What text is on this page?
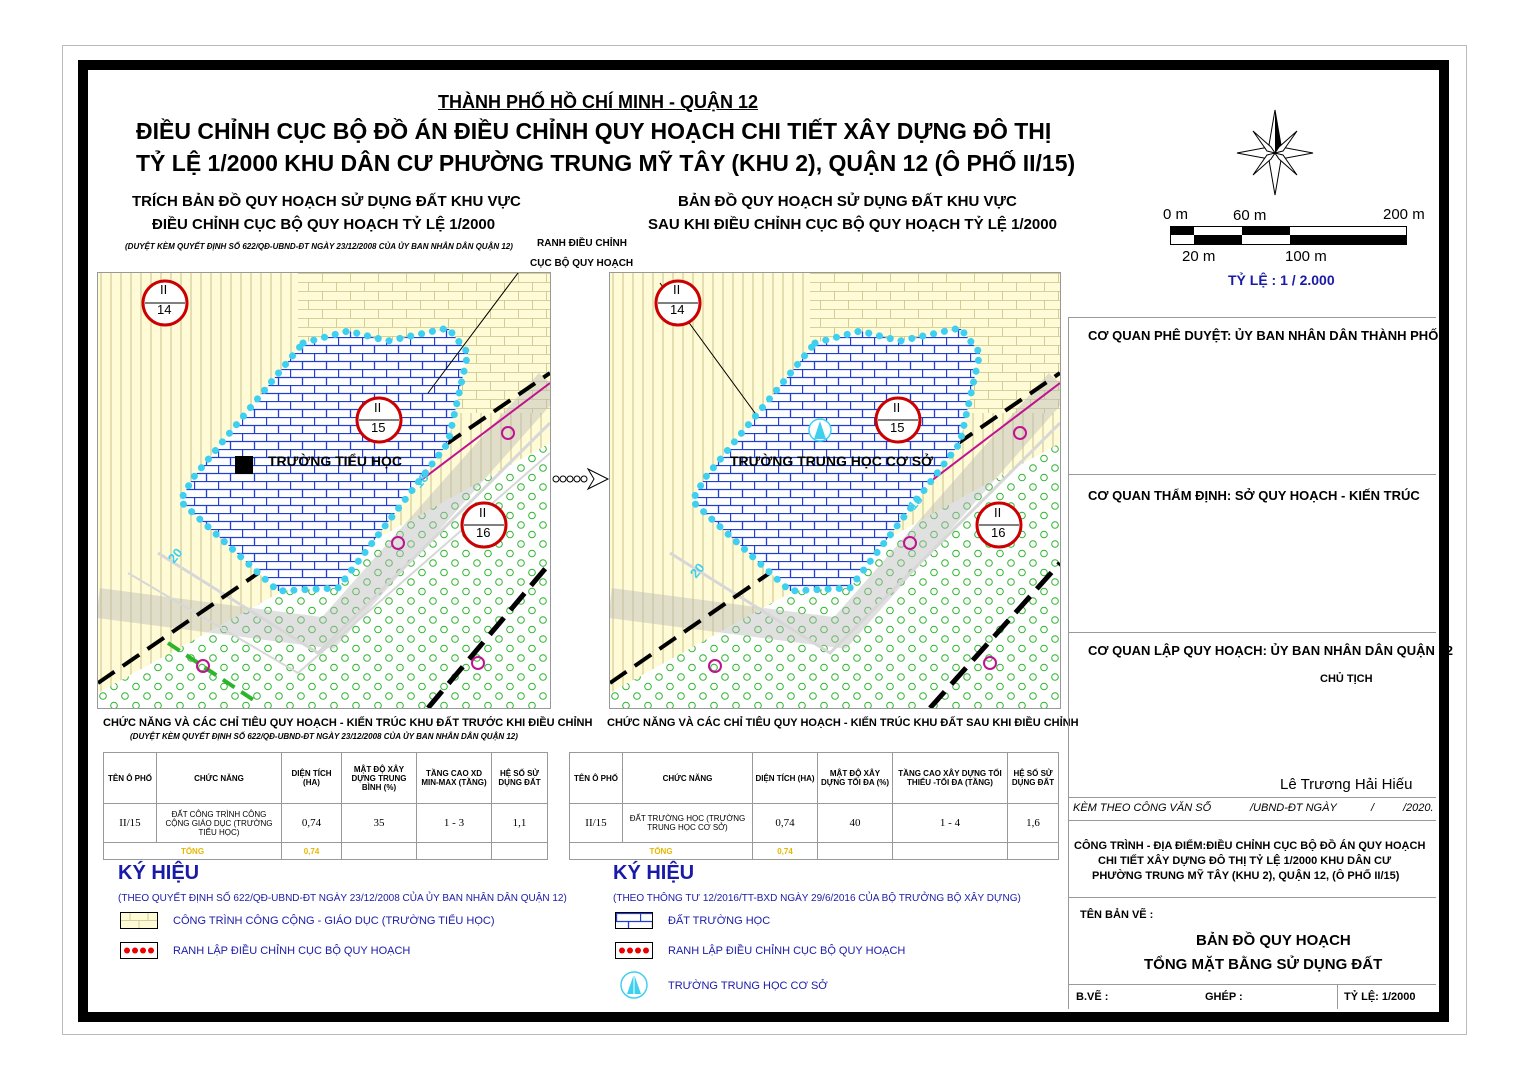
THÀNH PHỐ HỒ CHÍ MINH - QUẬN 12
ĐIỀU CHỈNH CỤC BỘ ĐỒ ÁN ĐIỀU CHỈNH QUY HOẠCH CHI TIẾT XÂY DỰNG ĐÔ THỊ
TỶ LỆ 1/2000 KHU DÂN CƯ PHƯỜNG TRUNG MỸ TÂY (KHU 2), QUẬN 12 (Ô PHỐ II/15)
TRÍCH BẢN ĐỒ QUY HOẠCH SỬ DỤNG ĐẤT KHU VỰC
ĐIỀU CHỈNH CỤC BỘ QUY HOẠCH TỶ LỆ 1/2000
(DUYỆT KÈM QUYẾT ĐỊNH SỐ 622/QĐ-UBND-ĐT NGÀY 23/12/2008 CỦA ỦY BAN NHÂN DÂN QUẬN 12) RANH ĐIỀU CHỈNH
CỤC BỘ QUY HOẠCH
BẢN ĐỒ QUY HOẠCH SỬ DỤNG ĐẤT KHU VỰC
SAU KHI ĐIỀU CHỈNH CỤC BỘ QUY HOẠCH TỶ LỆ 1/2000
TRƯỜNG TIỂU HỌC
18
20
II
14
II
15
II
16
TRƯỜNG TRUNG HỌC CƠ SỞ
18
20
II
14
II
15
II
16
CHỨC NĂNG VÀ CÁC CHỈ TIÊU QUY HOẠCH - KIẾN TRÚC KHU ĐẤT TRƯỚC KHI ĐIỀU CHỈNH
(DUYỆT KÈM QUYẾT ĐỊNH SỐ 622/QĐ-UBND-ĐT NGÀY 23/12/2008 CỦA ỦY BAN NHÂN DÂN QUẬN 12)
TÊN Ô PHỐ	CHỨC NĂNG	DIỆN TÍCH (HA)	MẬT ĐỘ XÂY DỰNG TRUNG BÌNH (%)	TẦNG CAO XD MIN-MAX (TẦNG)	HỆ SỐ SỬ DỤNG ĐẤT
II/15	ĐẤT CÔNG TRÌNH CÔNG CỘNG GIÁO DỤC (TRƯỜNG TIỂU HỌC)	0,74	35	1 - 3	1,1
TỔNG		0,74			
CHỨC NĂNG VÀ CÁC CHỈ TIÊU QUY HOẠCH - KIẾN TRÚC KHU ĐẤT SAU KHI ĐIỀU CHỈNH
TÊN Ô PHỐ	CHỨC NĂNG	DIỆN TÍCH (HA)	MẬT ĐỘ XÂY DỰNG TỐI ĐA (%)	TẦNG CAO XÂY DỰNG TỐI THIỂU -TỐI ĐA (TẦNG)	HỆ SỐ SỬ DỤNG ĐẤT
II/15	ĐẤT TRƯỜNG HỌC (TRƯỜNG TRUNG HỌC CƠ SỞ)	0,74	40	1 - 4	1,6
TỔNG		0,74			
KÝ HIỆU
(THEO QUYẾT ĐỊNH SỐ 622/QĐ-UBND-ĐT NGÀY 23/12/2008 CỦA ỦY BAN NHÂN DÂN QUẬN 12)
CÔNG TRÌNH CÔNG CỘNG - GIÁO DỤC (TRƯỜNG TIỂU HỌC)
RANH LẬP ĐIỀU CHỈNH CỤC BỘ QUY HOẠCH
KÝ HIỆU
(THEO THÔNG TƯ 12/2016/TT-BXD NGÀY 29/6/2016 CỦA BỘ TRƯỞNG BỘ XÂY DỰNG)
ĐẤT TRƯỜNG HỌC
RANH LẬP ĐIỀU CHỈNH CỤC BỘ QUY HOẠCH
TRƯỜNG TRUNG HỌC CƠ SỞ
0 m	60 m	200 m
20 m	100 m
TỶ LỆ : 1 / 2.000
CƠ QUAN PHÊ DUYỆT: ỦY BAN NHÂN DÂN THÀNH PHỐ
CƠ QUAN THẨM ĐỊNH: SỞ QUY HOẠCH - KIẾN TRÚC
CƠ QUAN LẬP QUY HOẠCH: ỦY BAN NHÂN DÂN QUẬN 12
CHỦ TỊCH
Lê Trương Hải Hiếu
KÈM THEO CÔNG VĂN SỐ	/UBND-ĐT NGÀY	/	/2020.
CÔNG TRÌNH - ĐỊA ĐIỂM:ĐIỀU CHỈNH CỤC BỘ ĐỒ ÁN QUY HOẠCH
CHI TIẾT XÂY DỰNG ĐÔ THỊ TỶ LỆ 1/2000 KHU DÂN CƯ
PHƯỜNG TRUNG MỸ TÂY (KHU 2), QUẬN 12, (Ô PHỐ II/15)
TÊN BẢN VẼ :
BẢN ĐỒ QUY HOẠCH
TỔNG MẶT BẰNG SỬ DỤNG ĐẤT
B.VẼ :	GHÉP :	TỶ LỆ: 1/2000
